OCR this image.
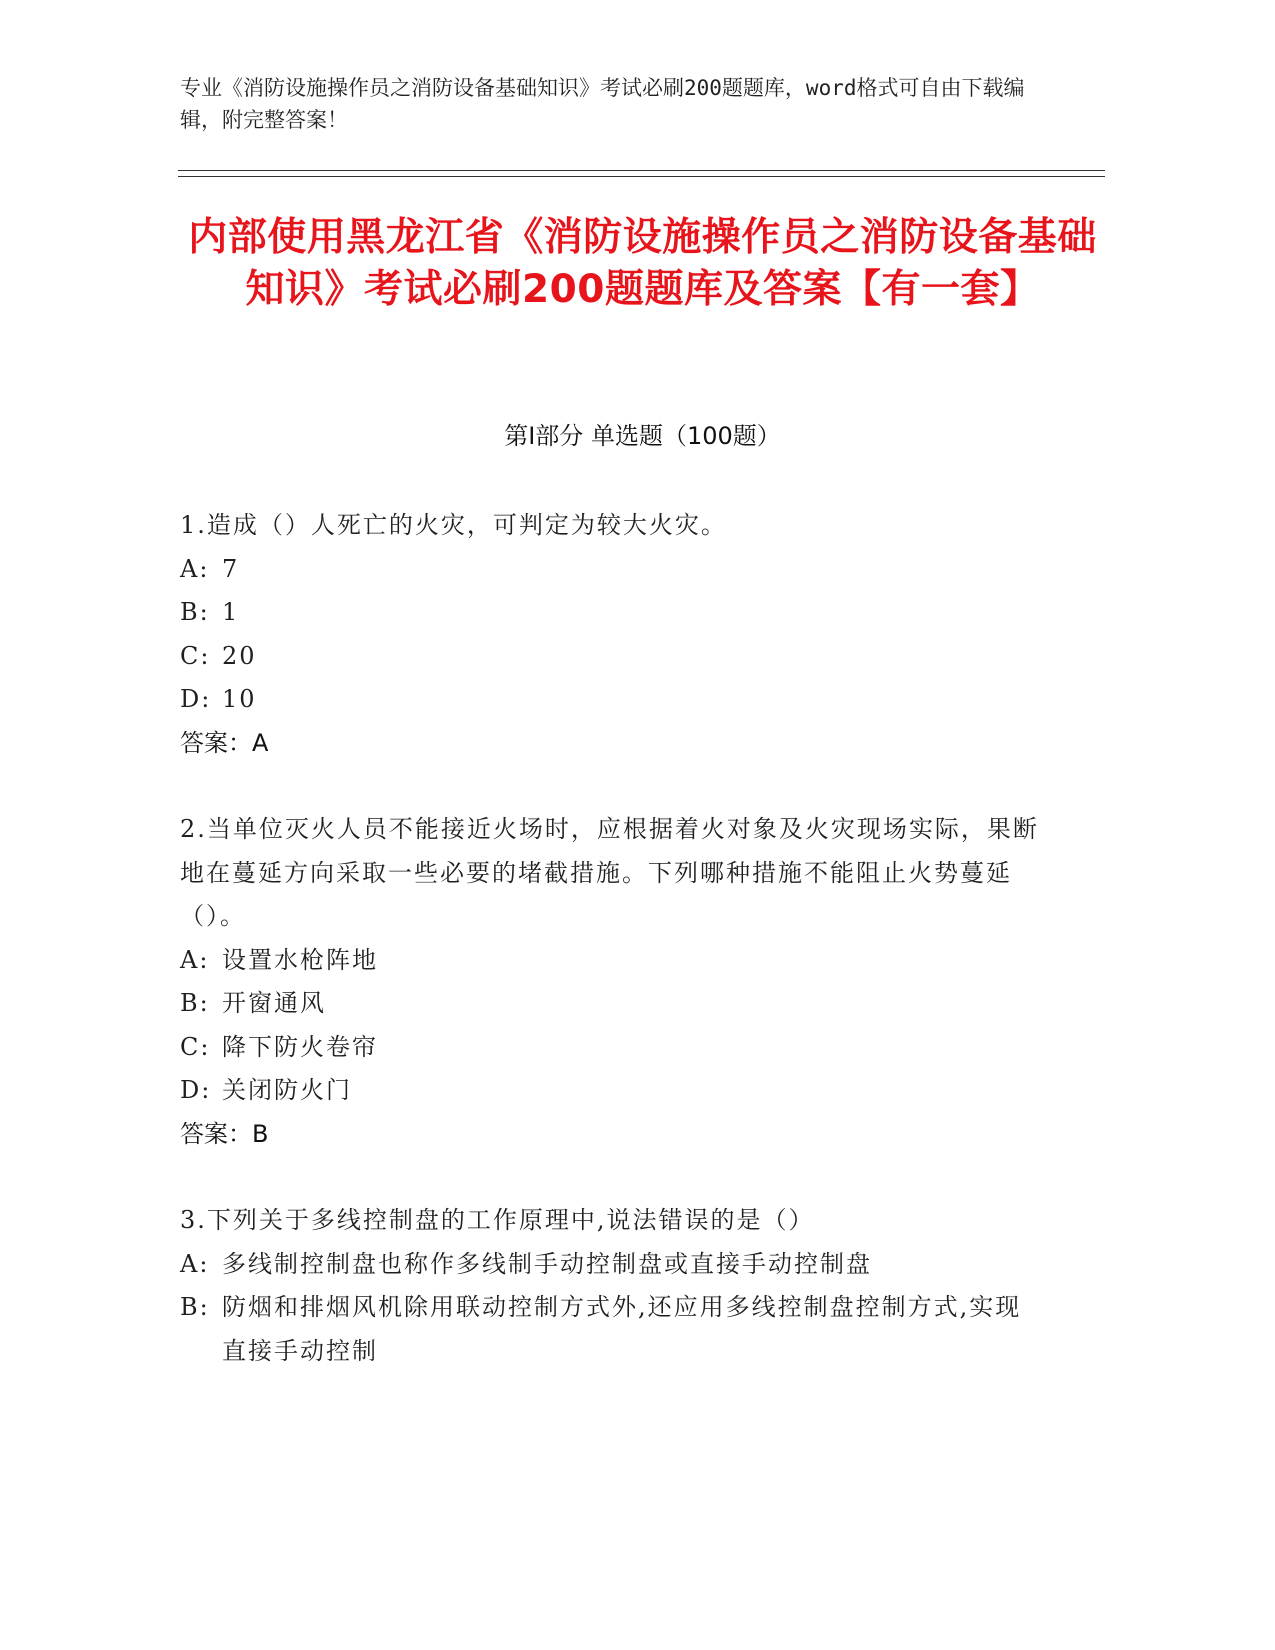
专业《消防设施操作员之消防设备基础知识》考试必刷200题题库，word格式可自由下载编辑，附完整答案！
内部使用黑龙江省《消防设施操作员之消防设备基础知识》考试必刷200题题库及答案【有一套】
第Ⅰ部分 单选题（100题）
1.造成（）人死亡的火灾，可判定为较大火灾。
A: 7
B: 1
C: 20
D: 10
答案：A
2.当单位灭火人员不能接近火场时，应根据着火对象及火灾现场实际，果断地在蔓延方向采取一些必要的堵截措施。下列哪种措施不能阻止火势蔓延（）。
A: 设置水枪阵地
B: 开窗通风
C: 降下防火卷帘
D: 关闭防火门
答案：B
3.下列关于多线控制盘的工作原理中,说法错误的是（）
A: 多线制控制盘也称作多线制手动控制盘或直接手动控制盘
B: 防烟和排烟风机除用联动控制方式外,还应用多线控制盘控制方式,实现直接手动控制
